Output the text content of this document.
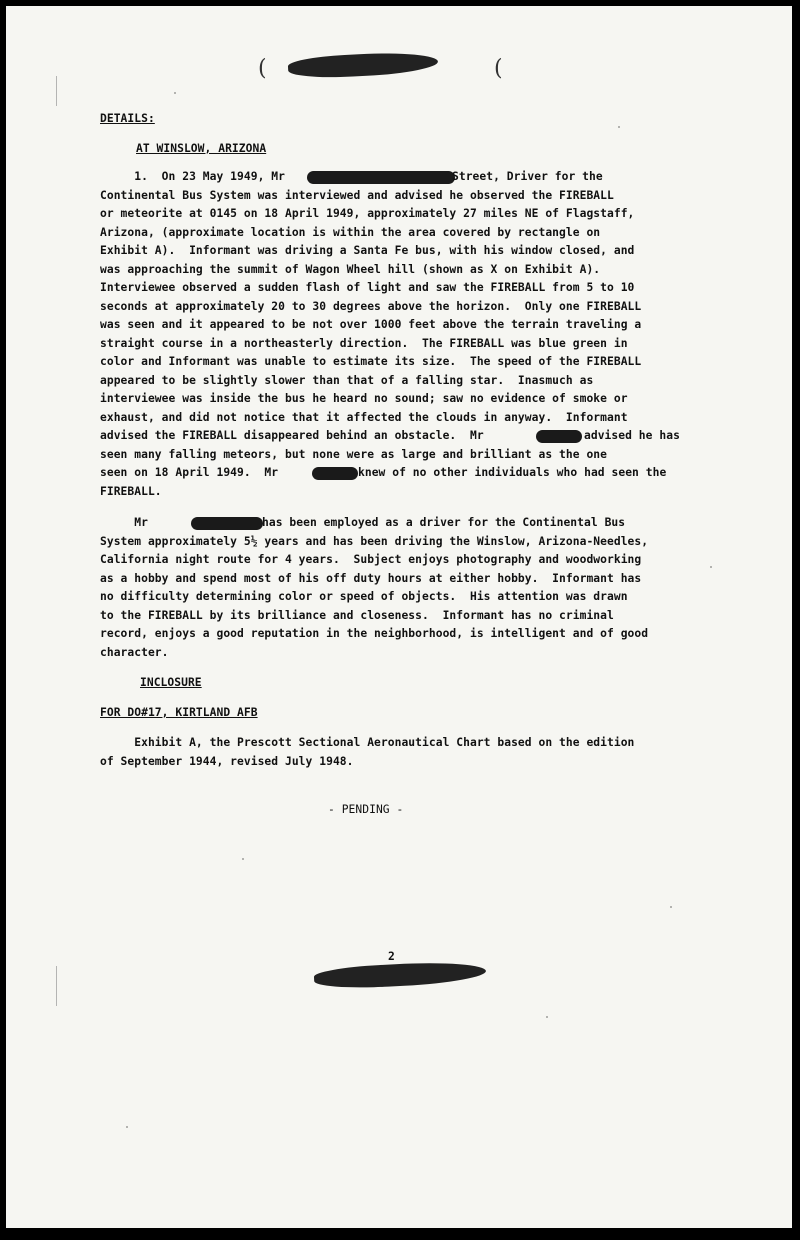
(	(
DETAILS:
AT WINSLOW, ARIZONA
1.  On 23 May 1949, Mr	Street, Driver for the
Continental Bus System was interviewed and advised he observed the FIREBALL
or meteorite at 0145 on 18 April 1949, approximately 27 miles NE of Flagstaff,
Arizona, (approximate location is within the area covered by rectangle on
Exhibit A).  Informant was driving a Santa Fe bus, with his window closed, and
was approaching the summit of Wagon Wheel hill (shown as X on Exhibit A).
Interviewee observed a sudden flash of light and saw the FIREBALL from 5 to 10
seconds at approximately 20 to 30 degrees above the horizon.  Only one FIREBALL
was seen and it appeared to be not over 1000 feet above the terrain traveling a
straight course in a northeasterly direction.  The FIREBALL was blue green in
color and Informant was unable to estimate its size.  The speed of the FIREBALL
appeared to be slightly slower than that of a falling star.  Inasmuch as
interviewee was inside the bus he heard no sound; saw no evidence of smoke or
exhaust, and did not notice that it affected the clouds in anyway.  Informant
advised the FIREBALL disappeared behind an obstacle.  Mr	advised he has
seen many falling meteors, but none were as large and brilliant as the one
seen on 18 April 1949.  Mr	knew of no other individuals who had seen the
FIREBALL.
Mr	has been employed as a driver for the Continental Bus
System approximately 5½ years and has been driving the Winslow, Arizona-Needles,
California night route for 4 years.  Subject enjoys photography and woodworking
as a hobby and spend most of his off duty hours at either hobby.  Informant has
no difficulty determining color or speed of objects.  His attention was drawn
to the FIREBALL by its brilliance and closeness.  Informant has no criminal
record, enjoys a good reputation in the neighborhood, is intelligent and of good
character.
INCLOSURE
FOR DO#17, KIRTLAND AFB
Exhibit A, the Prescott Sectional Aeronautical Chart based on the edition
of September 1944, revised July 1948.
- PENDING -
2
